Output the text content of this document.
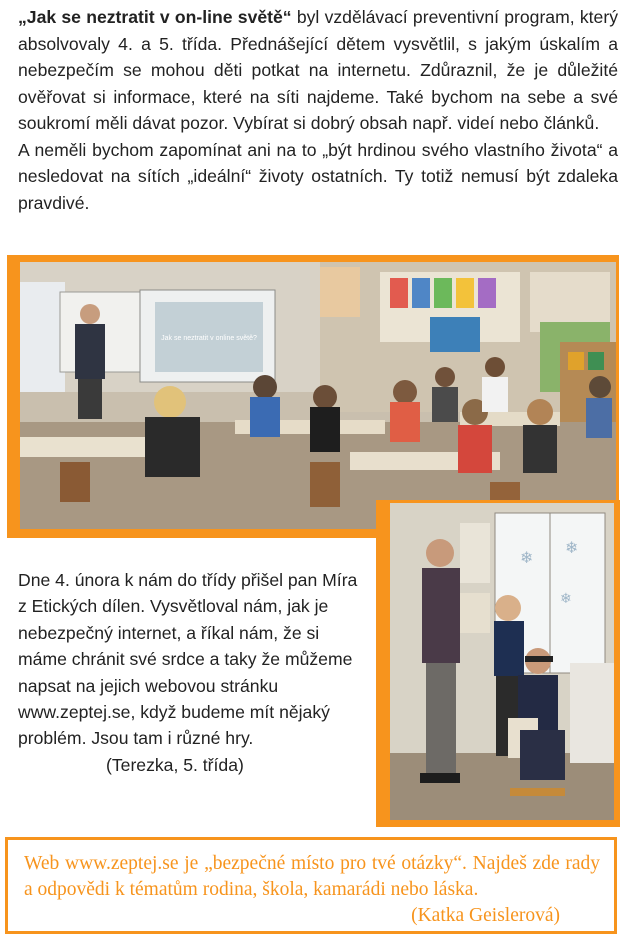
„Jak se neztratit v on-line světě“ byl vzdělávací preventivní program, který absolvovaly 4. a 5. třída. Přednášející dětem vysvětlil, s jakým úskalím a nebezpečím se mohou děti potkat na internetu. Zdůraznil, že je důležité ověřovat si informace, které na síti najdeme. Také bychom na sebe a své soukromí měli dávat pozor. Vybírat si dobrý obsah např. videí nebo článků.

A neměli bychom zapomínat ani na to „být hrdinou svého vlastního života“ a nesledovat na sítích „ideální“ životy ostatních. Ty totiž nemusí být zdaleka pravdivé.

Jak se neztratit v online světě?
❄
❄
❄
Dne 4. února k nám do třídy přišel pan Míra z Etických dílen. Vysvětloval nám, jak je nebezpečný internet, a říkal nám, že si máme chránit své srdce a taky že můžeme napsat na jejich webovou stránku www.zeptej.se, když budeme mít nějaký problém. Jsou tam i různé hry.(Terezka, 5. třída)
Web www.zeptej.se je „bezpečné místo pro tvé otázky“. Najdeš zde rady a odpovědi k tématům rodina, škola, kamarádi nebo láska.
(Katka Geislerová)
